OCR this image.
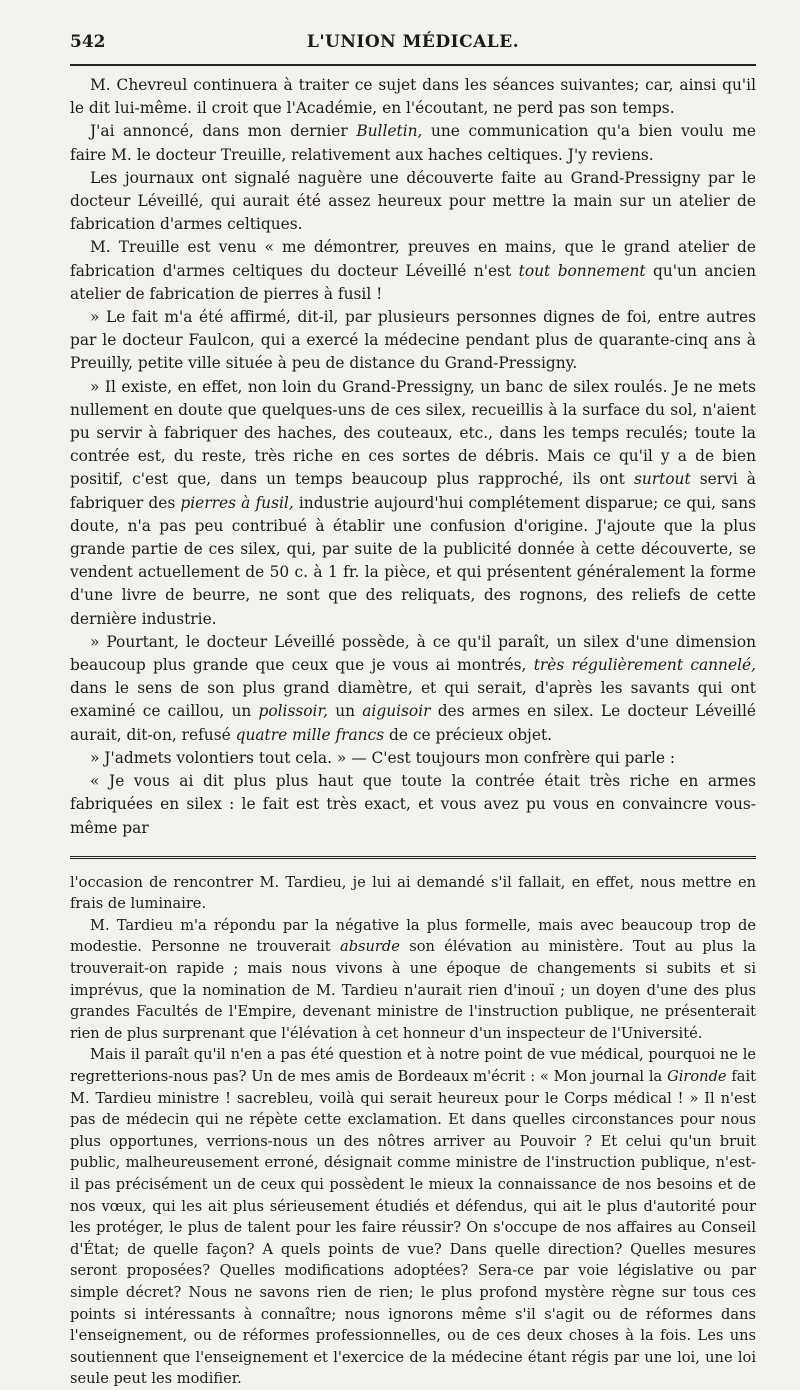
542	L'UNION MÉDICALE.

M. Chevreul continuera à traiter ce sujet dans les séances suivantes; car, ainsi qu'il le dit lui-même. il croit que l'Académie, en l'écoutant, ne perd pas son temps.

J'ai annoncé, dans mon dernier Bulletin, une communication qu'a bien voulu me faire M. le docteur Treuille, relativement aux haches celtiques. J'y reviens.

Les journaux ont signalé naguère une découverte faite au Grand-Pressigny par le docteur Léveillé, qui aurait été assez heureux pour mettre la main sur un atelier de fabrication d'armes celtiques.

M. Treuille est venu « me démontrer, preuves en mains, que le grand atelier de fabrication d'armes celtiques du docteur Léveillé n'est tout bonnement qu'un ancien atelier de fabrication de pierres à fusil !

» Le fait m'a été affirmé, dit-il, par plusieurs personnes dignes de foi, entre autres par le docteur Faulcon, qui a exercé la médecine pendant plus de quarante-cinq ans à Preuilly, petite ville située à peu de distance du Grand-Pressigny.

» Il existe, en effet, non loin du Grand-Pressigny, un banc de silex roulés. Je ne mets nullement en doute que quelques-uns de ces silex, recueillis à la surface du sol, n'aient pu servir à fabriquer des haches, des couteaux, etc., dans les temps reculés; toute la contrée est, du reste, très riche en ces sortes de débris. Mais ce qu'il y a de bien positif, c'est que, dans un temps beaucoup plus rapproché, ils ont surtout servi à fabriquer des pierres à fusil, industrie aujourd'hui complétement disparue; ce qui, sans doute, n'a pas peu contribué à établir une confusion d'origine. J'ajoute que la plus grande partie de ces silex, qui, par suite de la publicité donnée à cette découverte, se vendent actuellement de 50 c. à 1 fr. la pièce, et qui présentent généralement la forme d'une livre de beurre, ne sont que des reliquats, des rognons, des reliefs de cette dernière industrie.

» Pourtant, le docteur Léveillé possède, à ce qu'il paraît, un silex d'une dimension beaucoup plus grande que ceux que je vous ai montrés, très régulièrement cannelé, dans le sens de son plus grand diamètre, et qui serait, d'après les savants qui ont examiné ce caillou, un polissoir, un aiguisoir des armes en silex. Le docteur Léveillé aurait, dit-on, refusé quatre mille francs de ce précieux objet.

» J'admets volontiers tout cela. » — C'est toujours mon confrère qui parle :

« Je vous ai dit plus plus haut que toute la contrée était très riche en armes fabriquées en silex : le fait est très exact, et vous avez pu vous en convaincre vous-même par

l'occasion de rencontrer M. Tardieu, je lui ai demandé s'il fallait, en effet, nous mettre en frais de luminaire.

M. Tardieu m'a répondu par la négative la plus formelle, mais avec beaucoup trop de modestie. Personne ne trouverait absurde son élévation au ministère. Tout au plus la trouverait-on rapide ; mais nous vivons à une époque de changements si subits et si imprévus, que la nomination de M. Tardieu n'aurait rien d'inouï ; un doyen d'une des plus grandes Facultés de l'Empire, devenant ministre de l'instruction publique, ne présenterait rien de plus surprenant que l'élévation à cet honneur d'un inspecteur de l'Université.

Mais il paraît qu'il n'en a pas été question et à notre point de vue médical, pourquoi ne le regretterions-nous pas? Un de mes amis de Bordeaux m'écrit : « Mon journal la Gironde fait M. Tardieu ministre ! sacrebleu, voilà qui serait heureux pour le Corps médical ! » Il n'est pas de médecin qui ne répète cette exclamation. Et dans quelles circonstances pour nous plus opportunes, verrions-nous un des nôtres arriver au Pouvoir ? Et celui qu'un bruit public, malheureusement erroné, désignait comme ministre de l'instruction publique, n'est-il pas précisément un de ceux qui possèdent le mieux la connaissance de nos besoins et de nos vœux, qui les ait plus sérieusement étudiés et défendus, qui ait le plus d'autorité pour les protéger, le plus de talent pour les faire réussir? On s'occupe de nos affaires au Conseil d'État; de quelle façon? A quels points de vue? Dans quelle direction? Quelles mesures seront proposées? Quelles modifications adoptées? Sera-ce par voie législative ou par simple décret? Nous ne savons rien de rien; le plus profond mystère règne sur tous ces points si intéressants à connaître; nous ignorons même s'il s'agit ou de réformes dans l'enseignement, ou de réformes professionnelles, ou de ces deux choses à la fois. Les uns soutiennent que l'enseignement et l'exercice de la médecine étant régis par une loi, une loi seule peut les modifier.
